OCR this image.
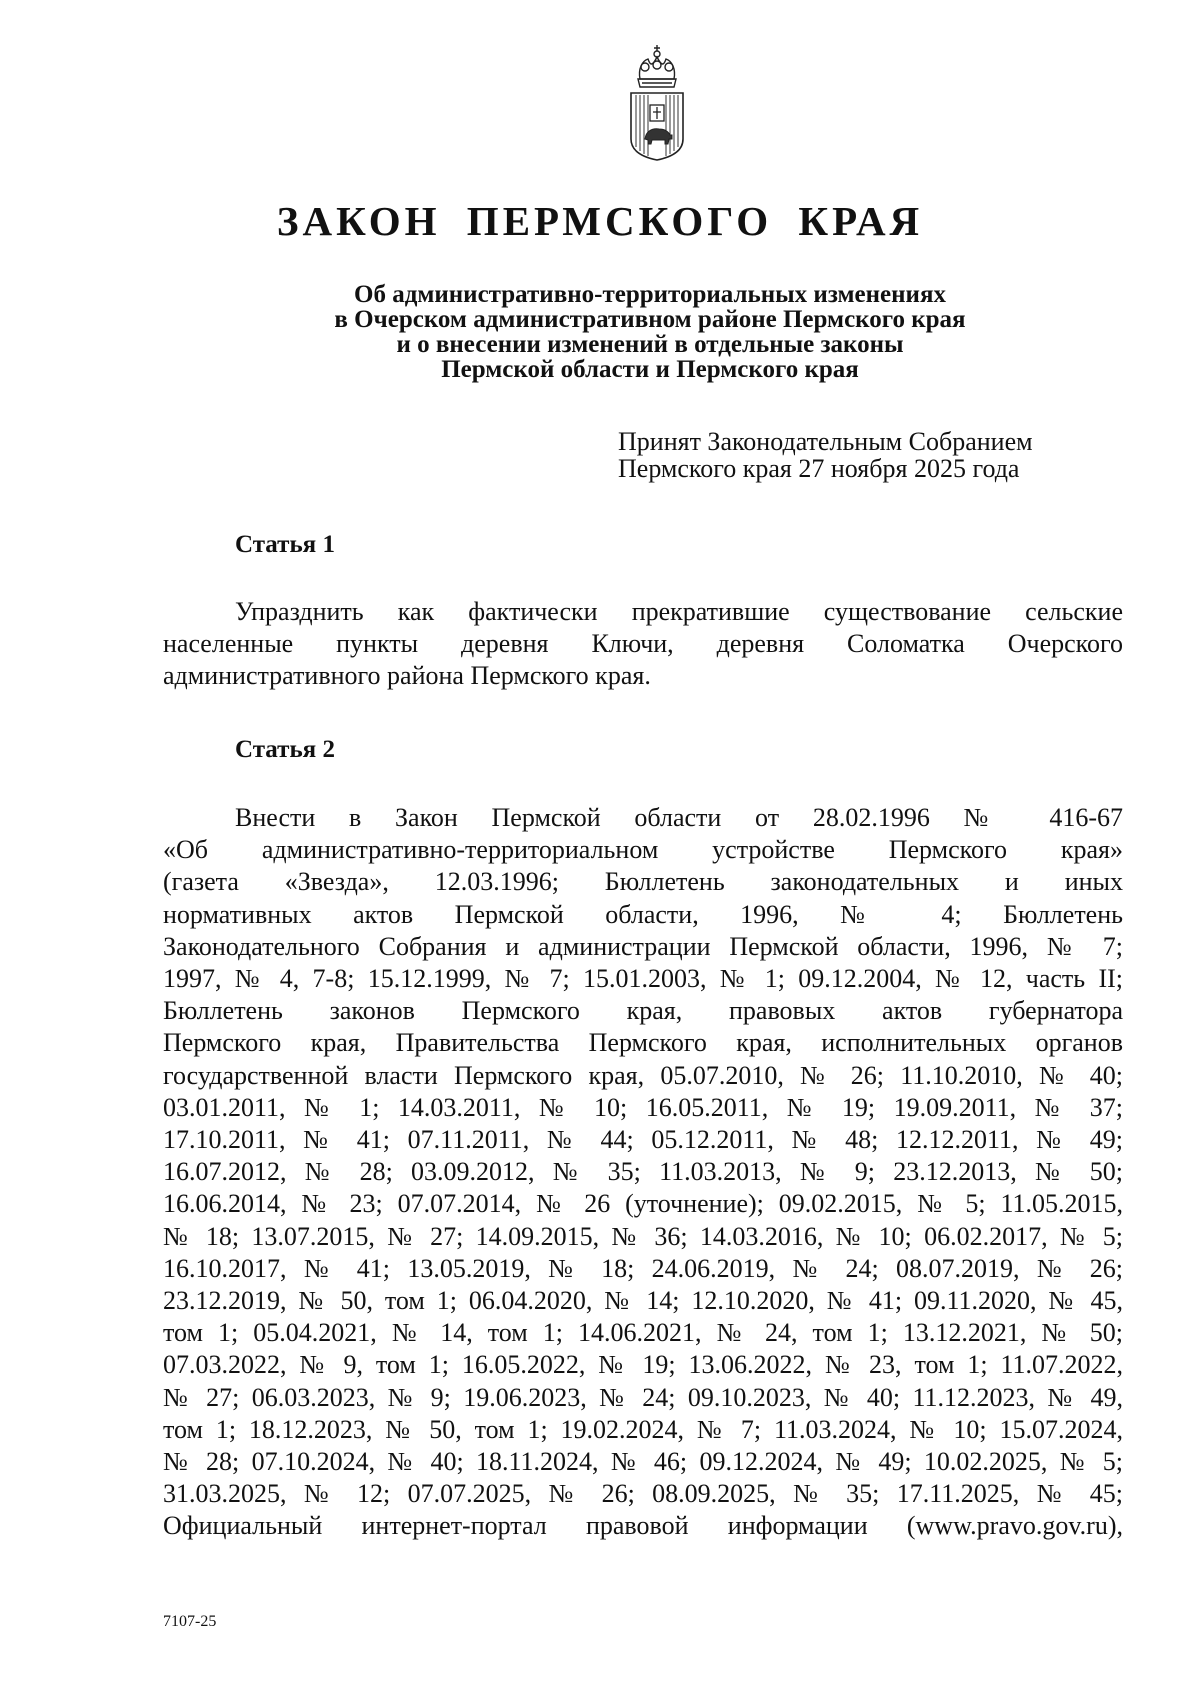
ЗАКОН ПЕРМСКОГО КРАЯ
Об административно-территориальных изменениях
в Очерском административном районе Пермского края
и о внесении изменений в отдельные законы
Пермской области и Пермского края
Принят Законодательным Собранием
Пермского края 27 ноября 2025 года
Статья 1
Упразднить как фактически прекратившие существование сельские
населенные пункты деревня Ключи, деревня Соломатка Очерского
административного района Пермского края.
Статья 2
Внести в Закон Пермской области от 28.02.1996 № 416-67
«Об административно-территориальном устройстве Пермского края»
(газета «Звезда», 12.03.1996; Бюллетень законодательных и иных
нормативных актов Пермской области, 1996, № 4; Бюллетень
Законодательного Собрания и администрации Пермской области, 1996, № 7;
1997, № 4, 7-8; 15.12.1999, № 7; 15.01.2003, № 1; 09.12.2004, № 12, часть II;
Бюллетень законов Пермского края, правовых актов губернатора
Пермского края, Правительства Пермского края, исполнительных органов
государственной власти Пермского края, 05.07.2010, № 26; 11.10.2010, № 40;
03.01.2011, № 1; 14.03.2011, № 10; 16.05.2011, № 19; 19.09.2011, № 37;
17.10.2011, № 41; 07.11.2011, № 44; 05.12.2011, № 48; 12.12.2011, № 49;
16.07.2012, № 28; 03.09.2012, № 35; 11.03.2013, № 9; 23.12.2013, № 50;
16.06.2014, № 23; 07.07.2014, № 26 (уточнение); 09.02.2015, № 5; 11.05.2015,
№ 18; 13.07.2015, № 27; 14.09.2015, № 36; 14.03.2016, № 10; 06.02.2017, № 5;
16.10.2017, № 41; 13.05.2019, № 18; 24.06.2019, № 24; 08.07.2019, № 26;
23.12.2019, № 50, том 1; 06.04.2020, № 14; 12.10.2020, № 41; 09.11.2020, № 45,
том 1; 05.04.2021, № 14, том 1; 14.06.2021, № 24, том 1; 13.12.2021, № 50;
07.03.2022, № 9, том 1; 16.05.2022, № 19; 13.06.2022, № 23, том 1; 11.07.2022,
№ 27; 06.03.2023, № 9; 19.06.2023, № 24; 09.10.2023, № 40; 11.12.2023, № 49,
том 1; 18.12.2023, № 50, том 1; 19.02.2024, № 7; 11.03.2024, № 10; 15.07.2024,
№ 28; 07.10.2024, № 40; 18.11.2024, № 46; 09.12.2024, № 49; 10.02.2025, № 5;
31.03.2025, № 12; 07.07.2025, № 26; 08.09.2025, № 35; 17.11.2025, № 45;
Официальный интернет-портал правовой информации (www.pravo.gov.ru),
7107-25
